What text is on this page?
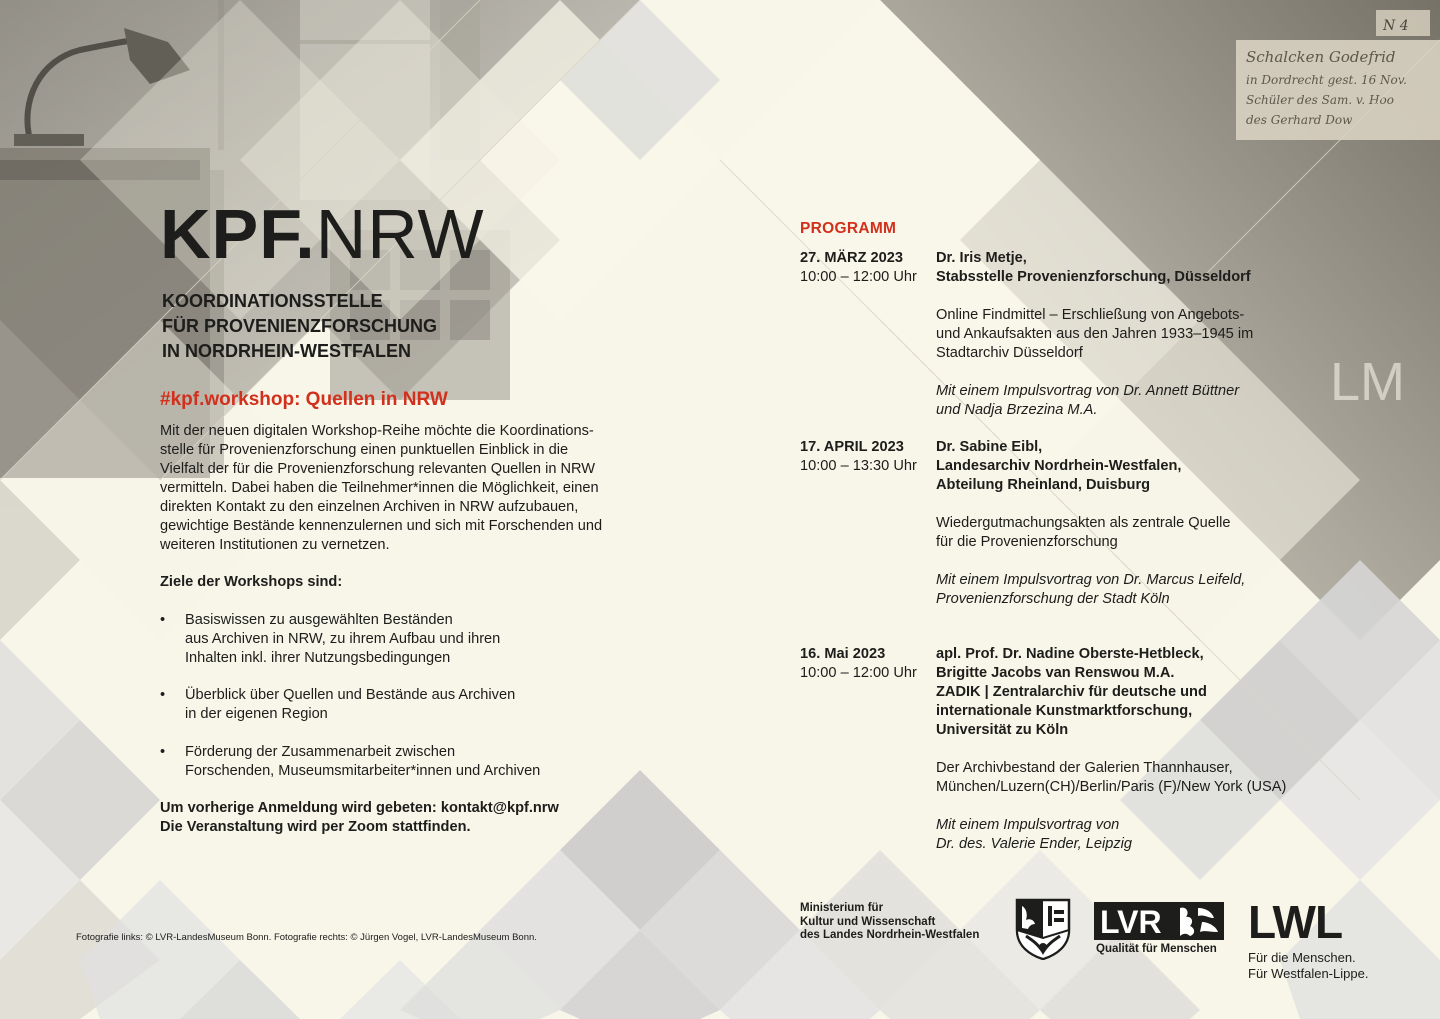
N 4
Schalcken Godefrid
in Dordrecht gest. 16 Nov.
Schüler des Sam. v. Hoo
des Gerhard Dow
LM
KPF.NRW
KOORDINATIONSSTELLE
FÜR PROVENIENZFORSCHUNG
IN NORDRHEIN-WESTFALEN
#kpf.workshop: Quellen in NRW
Mit der neuen digitalen Workshop-Reihe möchte die Koordinations-
stelle für Provenienzforschung einen punktuellen Einblick in die
Vielfalt der für die Provenienzforschung relevanten Quellen in NRW
vermitteln. Dabei haben die Teilnehmer*innen die Möglichkeit, einen
direkten Kontakt zu den einzelnen Archiven in NRW aufzubauen,
gewichtige Bestände kennenzulernen und sich mit Forschenden und
weiteren Institutionen zu vernetzen.
Ziele der Workshops sind:
• Basiswissen zu ausgewählten Beständen
aus Archiven in NRW, zu ihrem Aufbau und ihren
Inhalten inkl. ihrer Nutzungsbedingungen
• Überblick über Quellen und Bestände aus Archiven
in der eigenen Region
• Förderung der Zusammenarbeit zwischen
Forschenden, Museumsmitarbeiter*innen und Archiven
Um vorherige Anmeldung wird gebeten: kontakt@kpf.nrw
Die Veranstaltung wird per Zoom stattfinden.
Fotografie links: © LVR-LandesMuseum Bonn. Fotografie rechts: © Jürgen Vogel, LVR-LandesMuseum Bonn.
PROGRAMM
27. MÄRZ 2023
10:00 – 12:00 Uhr
Dr. Iris Metje,
Stabsstelle Provenienzforschung, Düsseldorf
Online Findmittel – Erschließung von Angebots-
und Ankaufsakten aus den Jahren 1933–1945 im
Stadtarchiv Düsseldorf
Mit einem Impulsvortrag von Dr. Annett Büttner
und Nadja Brzezina M.A.
17. APRIL 2023
10:00 – 13:30 Uhr
Dr. Sabine Eibl,
Landesarchiv Nordrhein-Westfalen,
Abteilung Rheinland, Duisburg
Wiedergutmachungsakten als zentrale Quelle
für die Provenienzforschung
Mit einem Impulsvortrag von Dr. Marcus Leifeld,
Provenienzforschung der Stadt Köln
16. Mai 2023
10:00 – 12:00 Uhr
apl. Prof. Dr. Nadine Oberste-Hetbleck,
Brigitte Jacobs van Renswou M.A.
ZADIK | Zentralarchiv für deutsche und
internationale Kunstmarktforschung,
Universität zu Köln
Der Archivbestand der Galerien Thannhauser,
München/Luzern(CH)/Berlin/Paris (F)/New York (USA)
Mit einem Impulsvortrag von
Dr. des. Valerie Ender, Leipzig
Ministerium für
Kultur und Wissenschaft
des Landes Nordrhein-Westfalen	LVR
Qualität für Menschen
LWL
Für die Menschen.
Für Westfalen-Lippe.
